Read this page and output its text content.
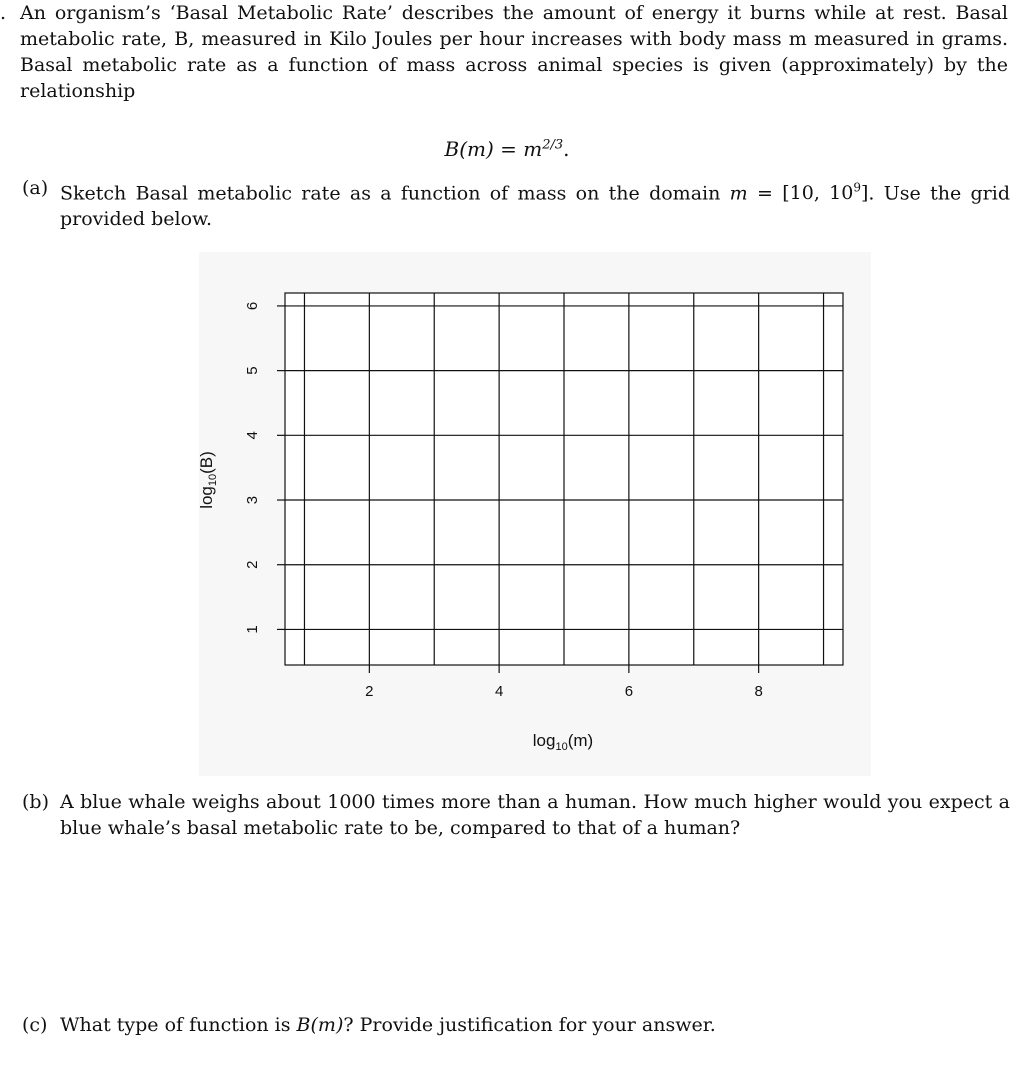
. An organism’s ‘Basal Metabolic Rate’ describes the amount of energy it burns while at rest. Basal metabolic rate, B, measured in Kilo Joules per hour increases with body mass m measured in grams. Basal metabolic rate as a function of mass across animal species is given (approximately) by the relationship
$B(m) = m^{2/3}$.
(a) Sketch Basal metabolic rate as a function of mass on the domain m = [10, $10^9$]. Use the grid provided below.
2	4	6	8
1
2
3
4
5
6
$\log_{10}(m)$
$\log_{10}(B)$
(b) A blue whale weighs about 1000 times more than a human. How much higher would you expect a blue whale’s basal metabolic rate to be, compared to that of a human?
(c) What type of function is B(m)? Provide justification for your answer.
